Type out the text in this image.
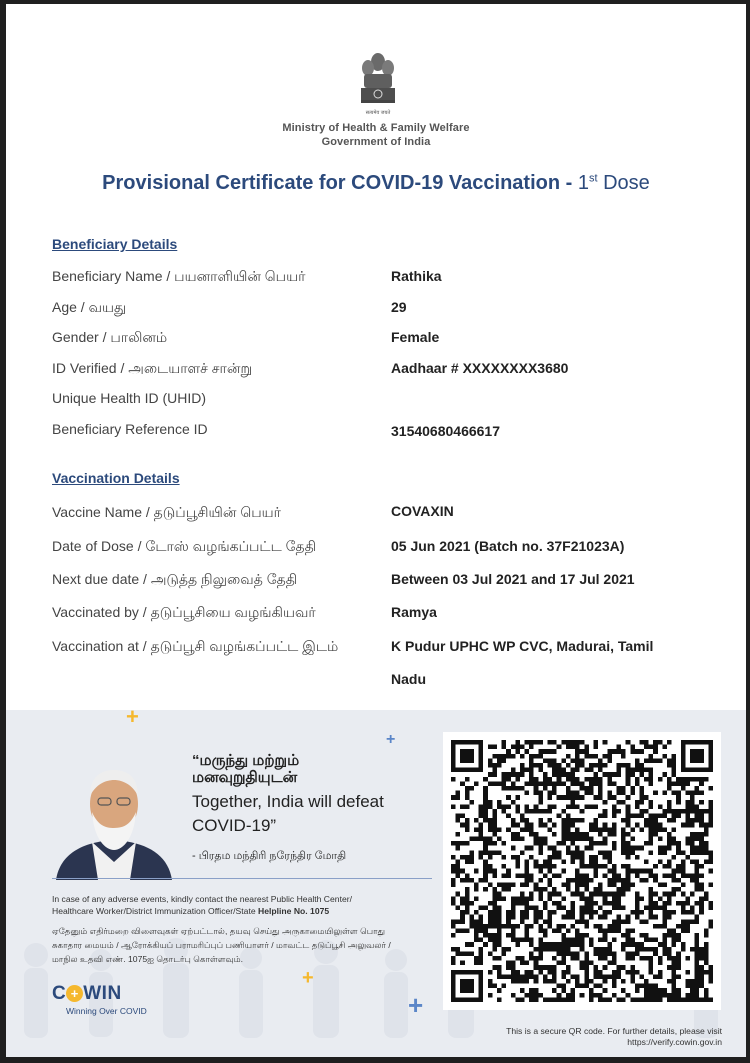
सत्यमेव जयते
Ministry of Health & Family Welfare
Government of India
Provisional Certificate for COVID-19 Vaccination - 1st Dose
Beneficiary Details
Beneficiary Name / பயனாளியின் பெயர்	Rathika
Age / வயது	29
Gender / பாலினம்	Female
ID Verified / அடையாளச் சான்று	Aadhaar # XXXXXXXX3680
Unique Health ID (UHID)
Beneficiary Reference ID	31540680466617
Vaccination Details
Vaccine Name / தடுப்பூசியின் பெயர்	COVAXIN
Date of Dose / டோஸ் வழங்கப்பட்ட தேதி	05 Jun 2021 (Batch no. 37F21023A)
Next due date / அடுத்த நிலுவைத் தேதி	Between 03 Jul 2021 and 17 Jul 2021
Vaccinated by / தடுப்பூசியை வழங்கியவர்	Ramya
Vaccination at / தடுப்பூசி வழங்கப்பட்ட இடம்	K Pudur UPHC WP CVC, Madurai, Tamil
Nadu
+
+
+
+
“மருந்து மற்றும்
மனவுறுதியுடன்
Together, India will defeat
COVID-19”
- பிரதம மந்திரி நரேந்திர மோதி
In case of any adverse events, kindly contact the nearest Public Health Center/
Healthcare Worker/District Immunization Officer/State Helpline No. 1075
ஏதேனும் எதிர்மறை விளைவுகள் ஏற்பட்டால், தயவு செய்து அருகாமையிலுள்ள பொது
சுகாதார மையம் / ஆரோக்கியப் பராமரிப்புப் பணியாளர் / மாவட்ட தடுப்பூசி அலுவலர் /
மாநில உதவி எண். 1075ஐ தொடர்பு கொள்ளவும்.
C + WIN
Winning Over COVID
This is a secure QR code. For further details, please visit
https://verify.cowin.gov.in
